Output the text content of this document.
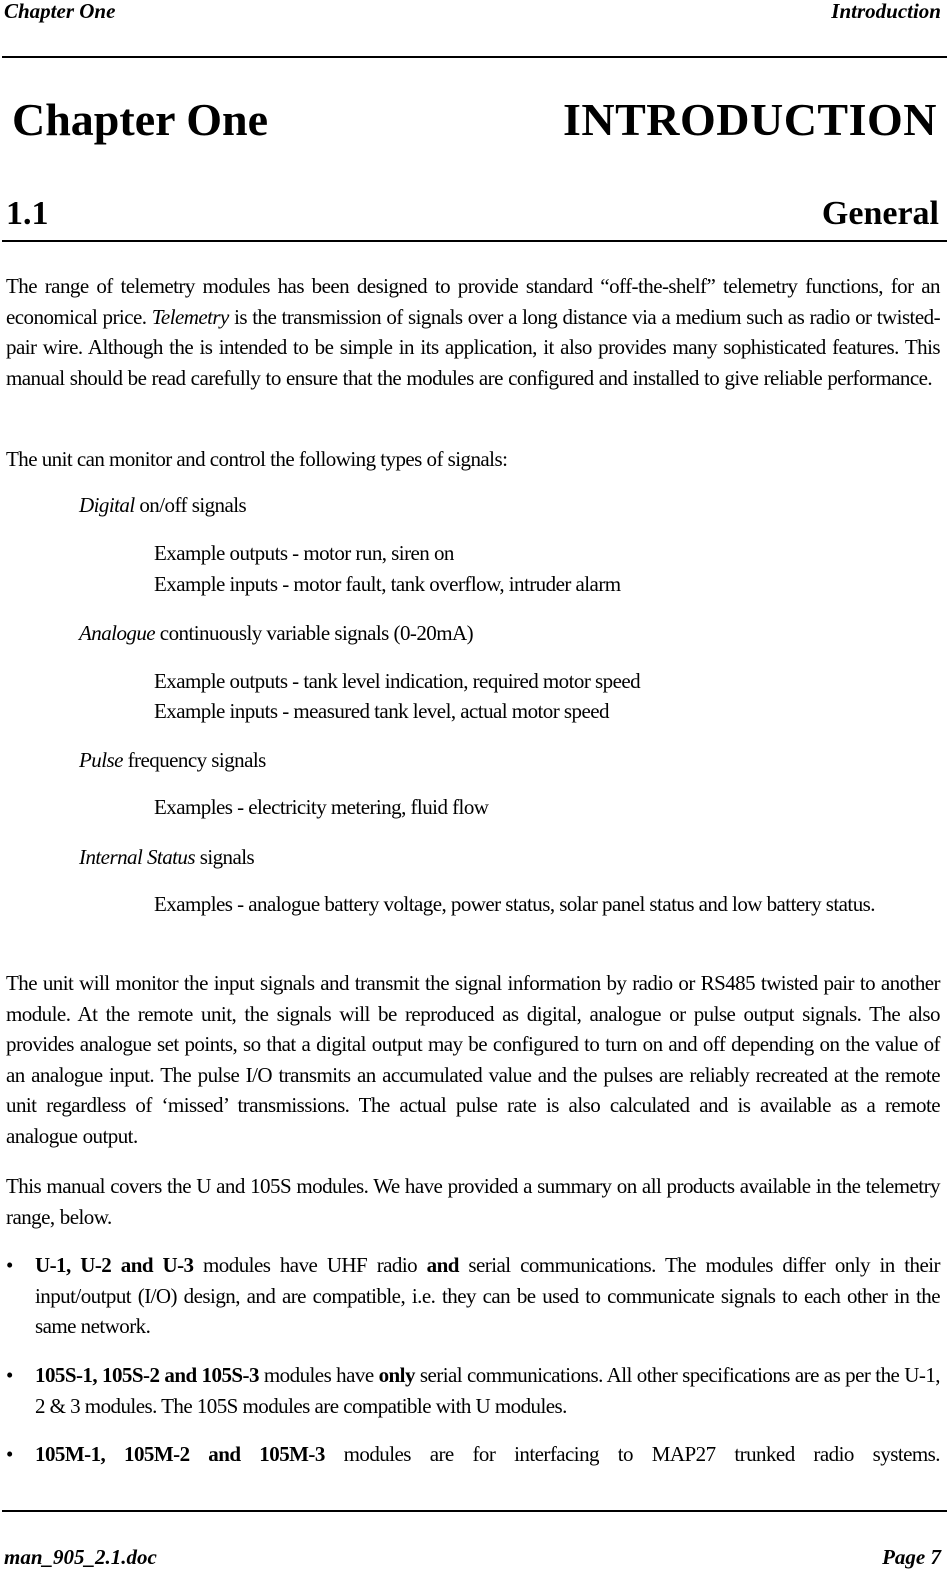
Chapter One	Introduction
Chapter One	INTRODUCTION
1.1	General
The range of telemetry modules has been designed to provide standard “off-the-shelf” telemetry functions, for an economical price. Telemetry is the transmission of signals over a long distance via a medium such as radio or twisted-pair wire. Although the is intended to be simple in its application, it also provides many sophisticated features. This manual should be read carefully to ensure that the modules are configured and installed to give reliable performance.
The unit can monitor and control the following types of signals:
Digital on/off signals
Example outputs - motor run, siren on
Example inputs - motor fault, tank overflow, intruder alarm
Analogue continuously variable signals (0-20mA)
Example outputs - tank level indication, required motor speed
Example inputs - measured tank level, actual motor speed
Pulse frequency signals
Examples - electricity metering, fluid flow
Internal Status signals
Examples - analogue battery voltage, power status, solar panel status and low battery status.
The unit will monitor the input signals and transmit the signal information by radio or RS485 twisted pair to another module. At the remote unit, the signals will be reproduced as digital, analogue or pulse output signals. The also provides analogue set points, so that a digital output may be configured to turn on and off depending on the value of an analogue input. The pulse I/O transmits an accumulated value and the pulses are reliably recreated at the remote unit regardless of ‘missed’ transmissions. The actual pulse rate is also calculated and is available as a remote analogue output.
This manual covers the U and 105S modules. We have provided a summary on all products available in the telemetry range, below.
• U-1, U-2 and U-3 modules have UHF radio and serial communications. The modules differ only in their input/output (I/O) design, and are compatible, i.e. they can be used to communicate signals to each other in the same network.
• 105S-1, 105S-2 and 105S-3 modules have only serial communications. All other specifications are as per the U-1, 2 & 3 modules. The 105S modules are compatible with U modules.
• 105M-1, 105M-2 and 105M-3 modules are for interfacing to MAP27 trunked radio systems.
man_905_2.1.doc	Page 7
